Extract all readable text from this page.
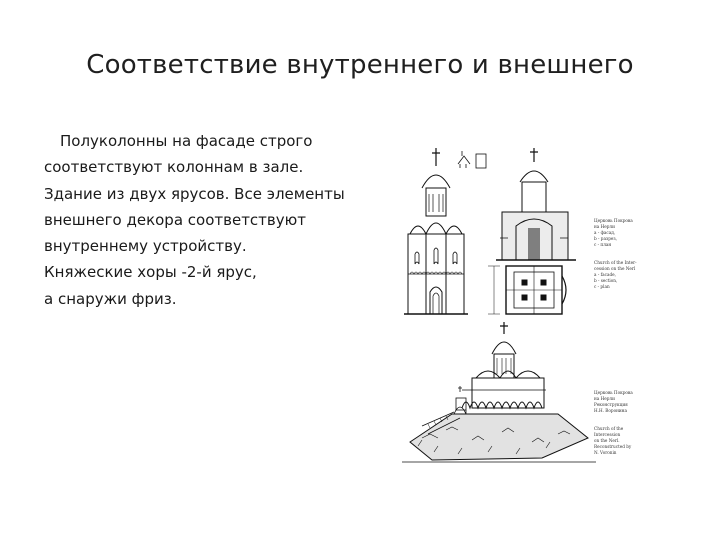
Соответствие внутреннего и внешнего
Полуколонны на фасаде строго
соответствуют колоннам в зале.
Здание из двух ярусов. Все элементы
внешнего декора соответствуют
внутреннему устройству.
Княжеские хоры -2-й ярус,
а снаружи фриз.
Церковь Покрова
на Нерли
a - фасад,
b - разрез,
c - план
Church of the Inter-
cession on the Nerl
a - facade,
b - section,
c - plan
Церковь Покрова
на Нерли
Реконструкция
Н.Н. Воронина
Church of the
Intercession
on the Nerl.
Reconstructed by
N. Voronin
